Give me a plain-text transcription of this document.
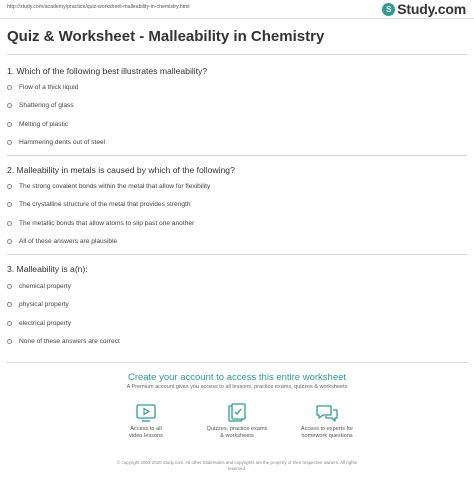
http://study.com/academy/practice/quiz-worksheet-malleability-in-chemistry.html	S Study.com
Quiz & Worksheet - Malleability in Chemistry
1. Which of the following best illustrates malleability?
Flow of a thick liquid
Shattering of glass
Melting of plastic
Hammering dents out of steel
2. Malleability in metals is caused by which of the following?
The strong covalent bonds within the metal that allow for flexibility
The crystalline structure of the metal that provides strength
The metallic bonds that allow atoms to slip past one another
All of these answers are plausible
3. Malleability is a(n):
chemical property
physical property
electrical property
None of these answers are correct
Create your account to access this entire worksheet
A Premium account gives you access to all lessons, practice exams, quizzes & worksheets
Access to all
video lessons
Quizzes, practice exams
& worksheets
Access to experts for
homework questions
© copyright 2003-2020 Study.com. All other trademarks and copyrights are the property of their respective owners. All rights
reserved.
